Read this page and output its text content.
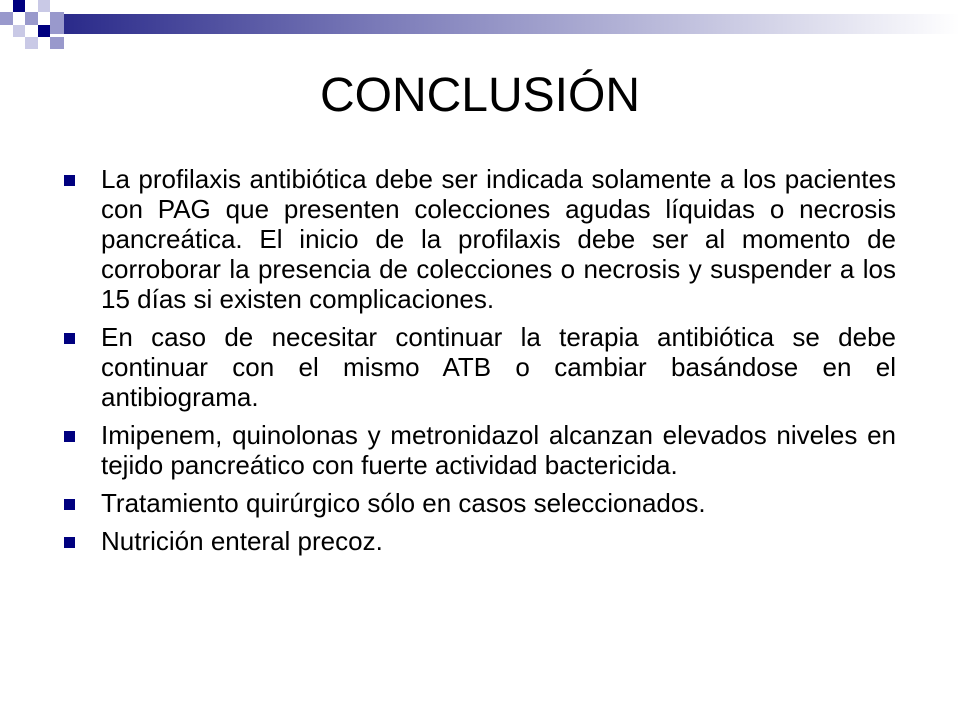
CONCLUSIÓN
La profilaxis antibiótica debe ser indicada solamente a los pacientes con PAG que presenten colecciones agudas líquidas o necrosis pancreática. El inicio de la profilaxis debe ser al momento de corroborar la presencia de colecciones o necrosis y suspender a los 15 días si existen complicaciones.
En caso de necesitar continuar la terapia antibiótica se debe continuar con el mismo ATB o cambiar basándose en el antibiograma.
Imipenem, quinolonas y metronidazol alcanzan elevados niveles en tejido pancreático con fuerte actividad bactericida.
Tratamiento quirúrgico sólo en casos seleccionados.
Nutrición enteral precoz.
